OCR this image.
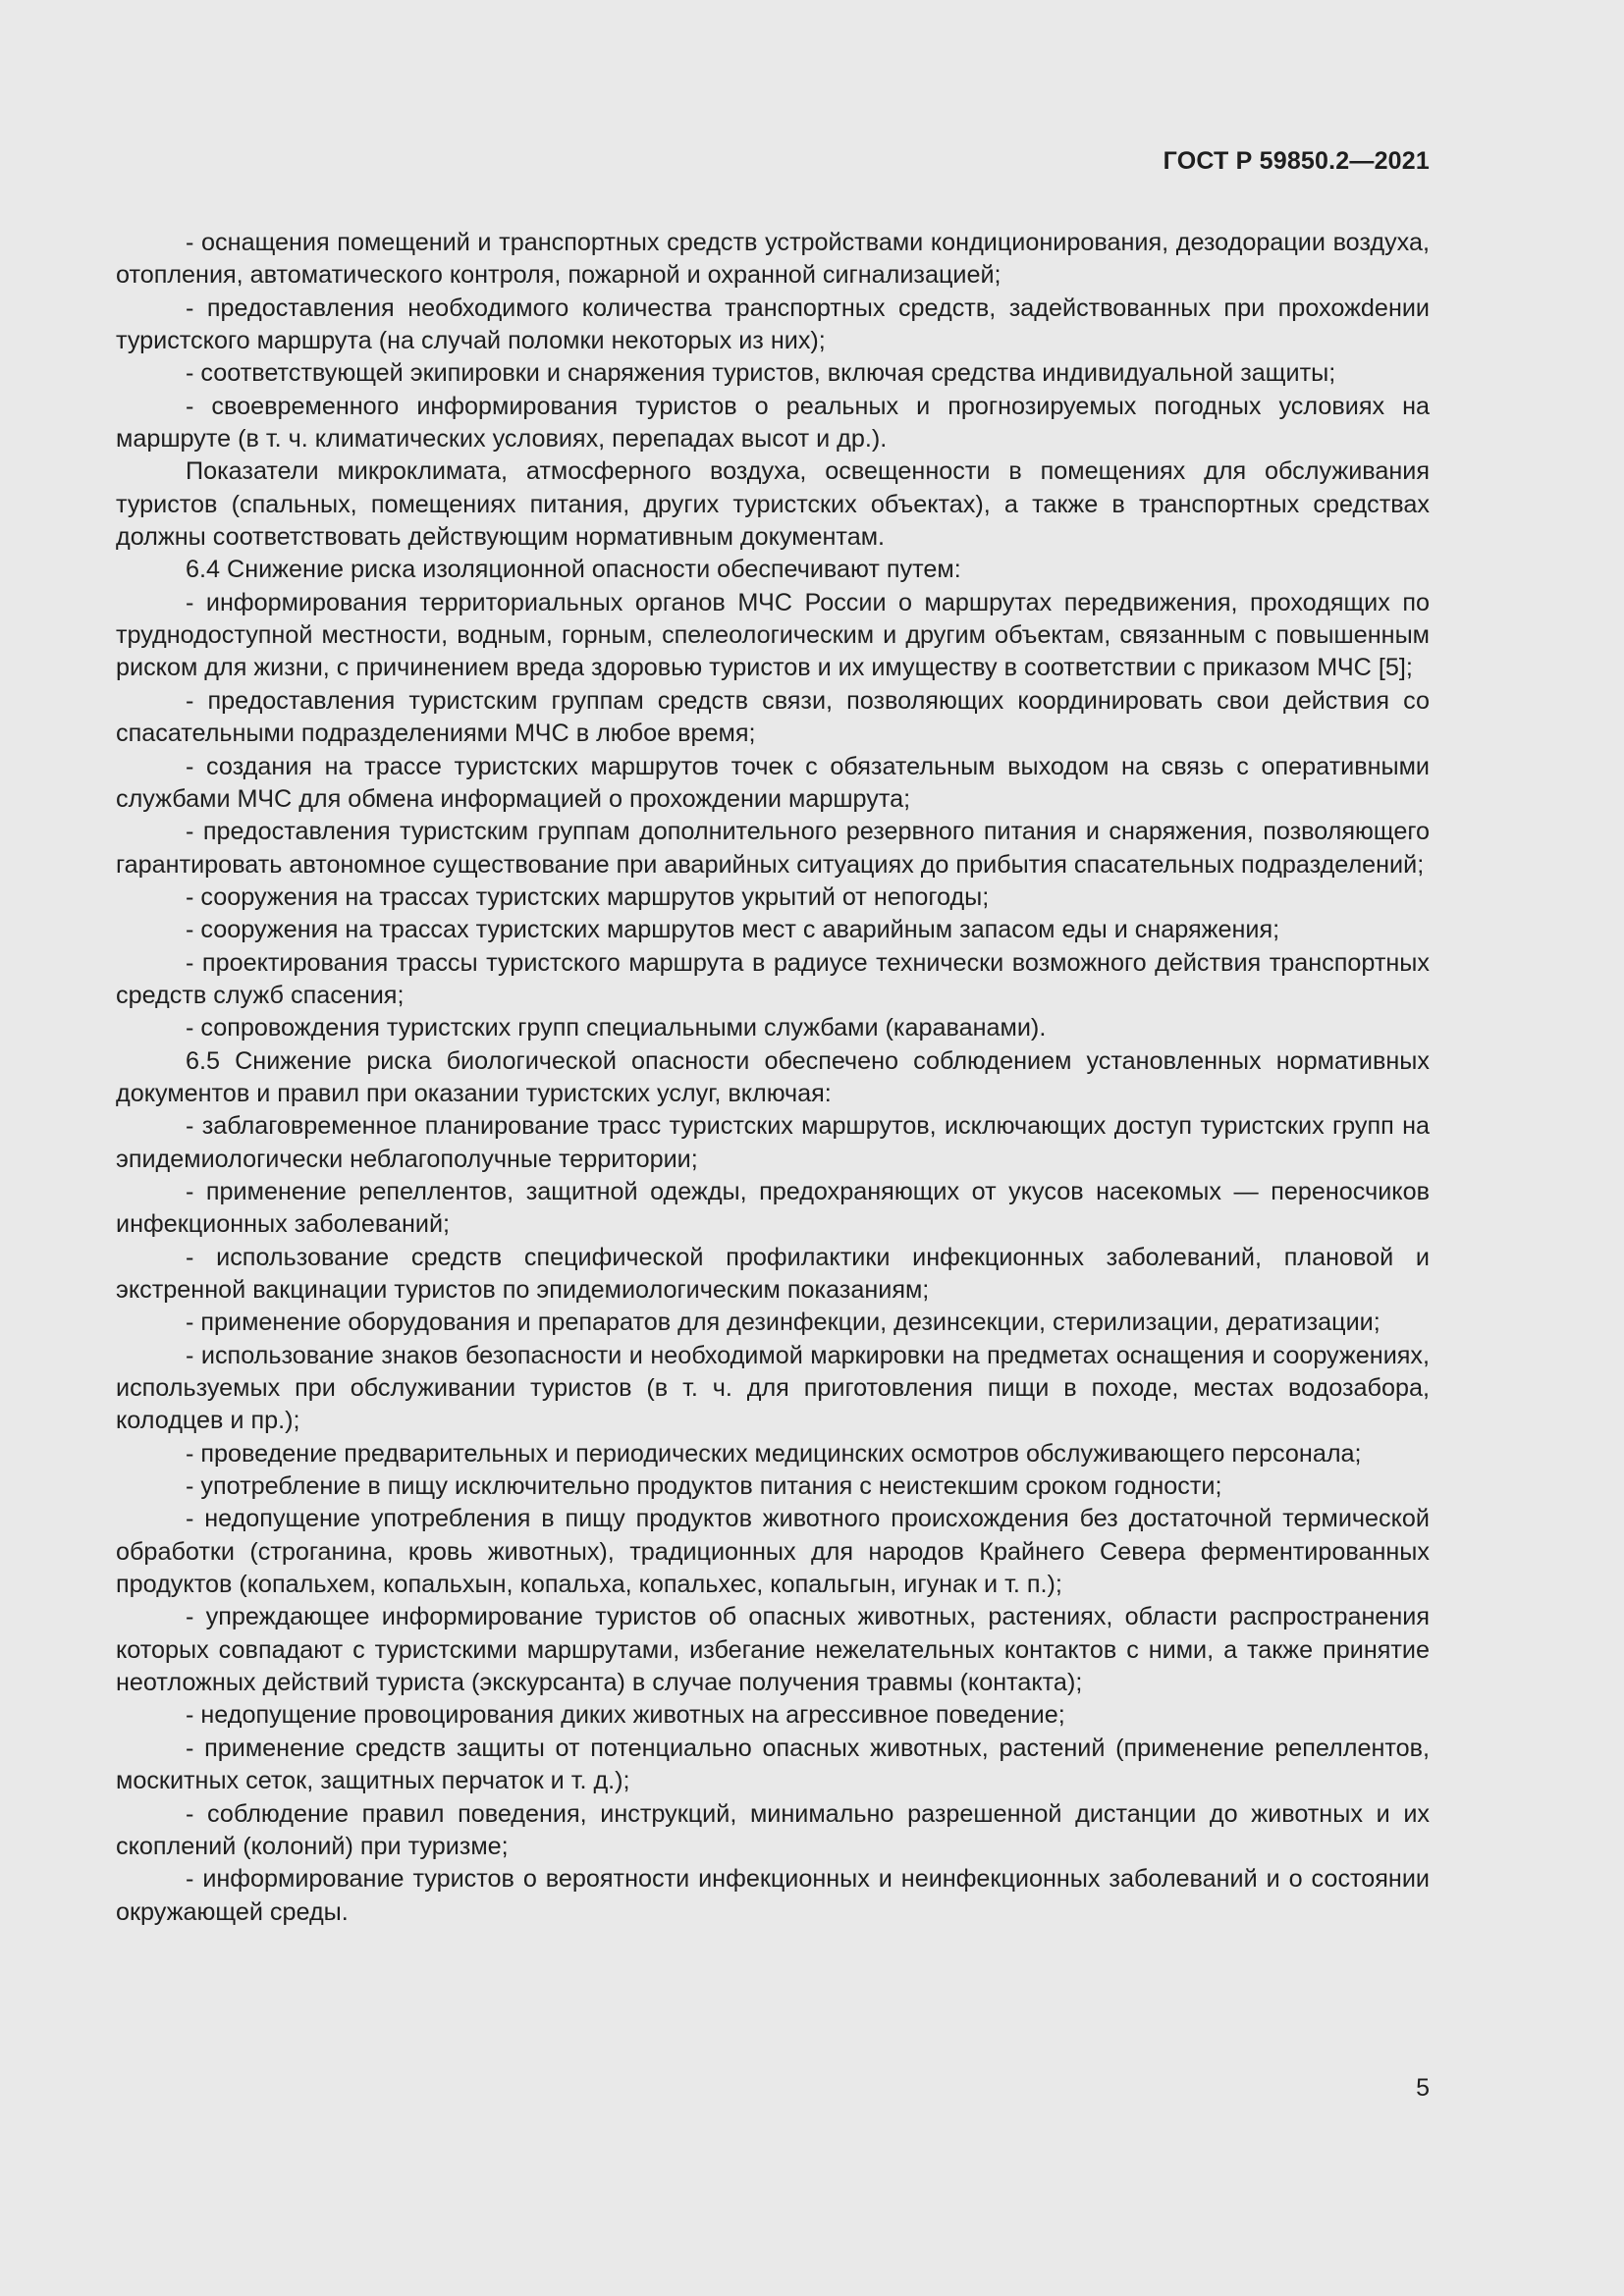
ГОСТ Р 59850.2—2021

- оснащения помещений и транспортных средств устройствами кондиционирования, дезодорации воздуха, отопления, автоматического контроля, пожарной и охранной сигнализацией;

- предоставления необходимого количества транспортных средств, задействованных при прохожdении туристского маршрута (на случай поломки некоторых из них);

- соответствующей экипировки и снаряжения туристов, включая средства индивидуальной защиты;

- своевременного информирования туристов о реальных и прогнозируемых погодных условиях на маршруте (в т. ч. климатических условиях, перепадах высот и др.).

Показатели микроклимата, атмосферного воздуха, освещенности в помещениях для обслуживания туристов (спальных, помещениях питания, других туристских объектах), а также в транспортных средствах должны соответствовать действующим нормативным документам.

6.4 Снижение риска изоляционной опасности обеспечивают путем:

- информирования территориальных органов МЧС России о маршрутах передвижения, проходящих по труднодоступной местности, водным, горным, спелеологическим и другим объектам, связанным с повышенным риском для жизни, с причинением вреда здоровью туристов и их имуществу в соответствии с приказом МЧС [5];

- предоставления туристским группам средств связи, позволяющих координировать свои действия со спасательными подразделениями МЧС в любое время;

- создания на трассе туристских маршрутов точек с обязательным выходом на связь с оперативными службами МЧС для обмена информацией о прохождении маршрута;

- предоставления туристским группам дополнительного резервного питания и снаряжения, позволяющего гарантировать автономное существование при аварийных ситуациях до прибытия спасательных подразделений;

- сооружения на трассах туристских маршрутов укрытий от непогоды;

- сооружения на трассах туристских маршрутов мест с аварийным запасом еды и снаряжения;

- проектирования трассы туристского маршрута в радиусе технически возможного действия транспортных средств служб спасения;

- сопровождения туристских групп специальными службами (караванами).

6.5 Снижение риска биологической опасности обеспечено соблюдением установленных нормативных документов и правил при оказании туристских услуг, включая:

- заблаговременное планирование трасс туристских маршрутов, исключающих доступ туристских групп на эпидемиологически неблагополучные территории;

- применение репеллентов, защитной одежды, предохраняющих от укусов насекомых — переносчиков инфекционных заболеваний;

- использование средств специфической профилактики инфекционных заболеваний, плановой и экстренной вакцинации туристов по эпидемиологическим показаниям;

- применение оборудования и препаратов для дезинфекции, дезинсекции, стерилизации, дератизации;

- использование знаков безопасности и необходимой маркировки на предметах оснащения и сооружениях, используемых при обслуживании туристов (в т. ч. для приготовления пищи в походе, местах водозабора, колодцев и пр.);

- проведение предварительных и периодических медицинских осмотров обслуживающего персонала;

- употребление в пищу исключительно продуктов питания с неистекшим сроком годности;

- недопущение употребления в пищу продуктов животного происхождения без достаточной термической обработки (строганина, кровь животных), традиционных для народов Крайнего Севера ферментированных продуктов (копальхем, копальхын, копальха, копальхес, копальгын, игунак и т. п.);

- упреждающее информирование туристов об опасных животных, растениях, области распространения которых совпадают с туристскими маршрутами, избегание нежелательных контактов с ними, а также принятие неотложных действий туриста (экскурсанта) в случае получения травмы (контакта);

- недопущение провоцирования диких животных на агрессивное поведение;

- применение средств защиты от потенциально опасных животных, растений (применение репеллентов, москитных сеток, защитных перчаток и т. д.);

- соблюдение правил поведения, инструкций, минимально разрешенной дистанции до животных и их скоплений (колоний) при туризме;

- информирование туристов о вероятности инфекционных и неинфекционных заболеваний и о состоянии окружающей среды.

5
